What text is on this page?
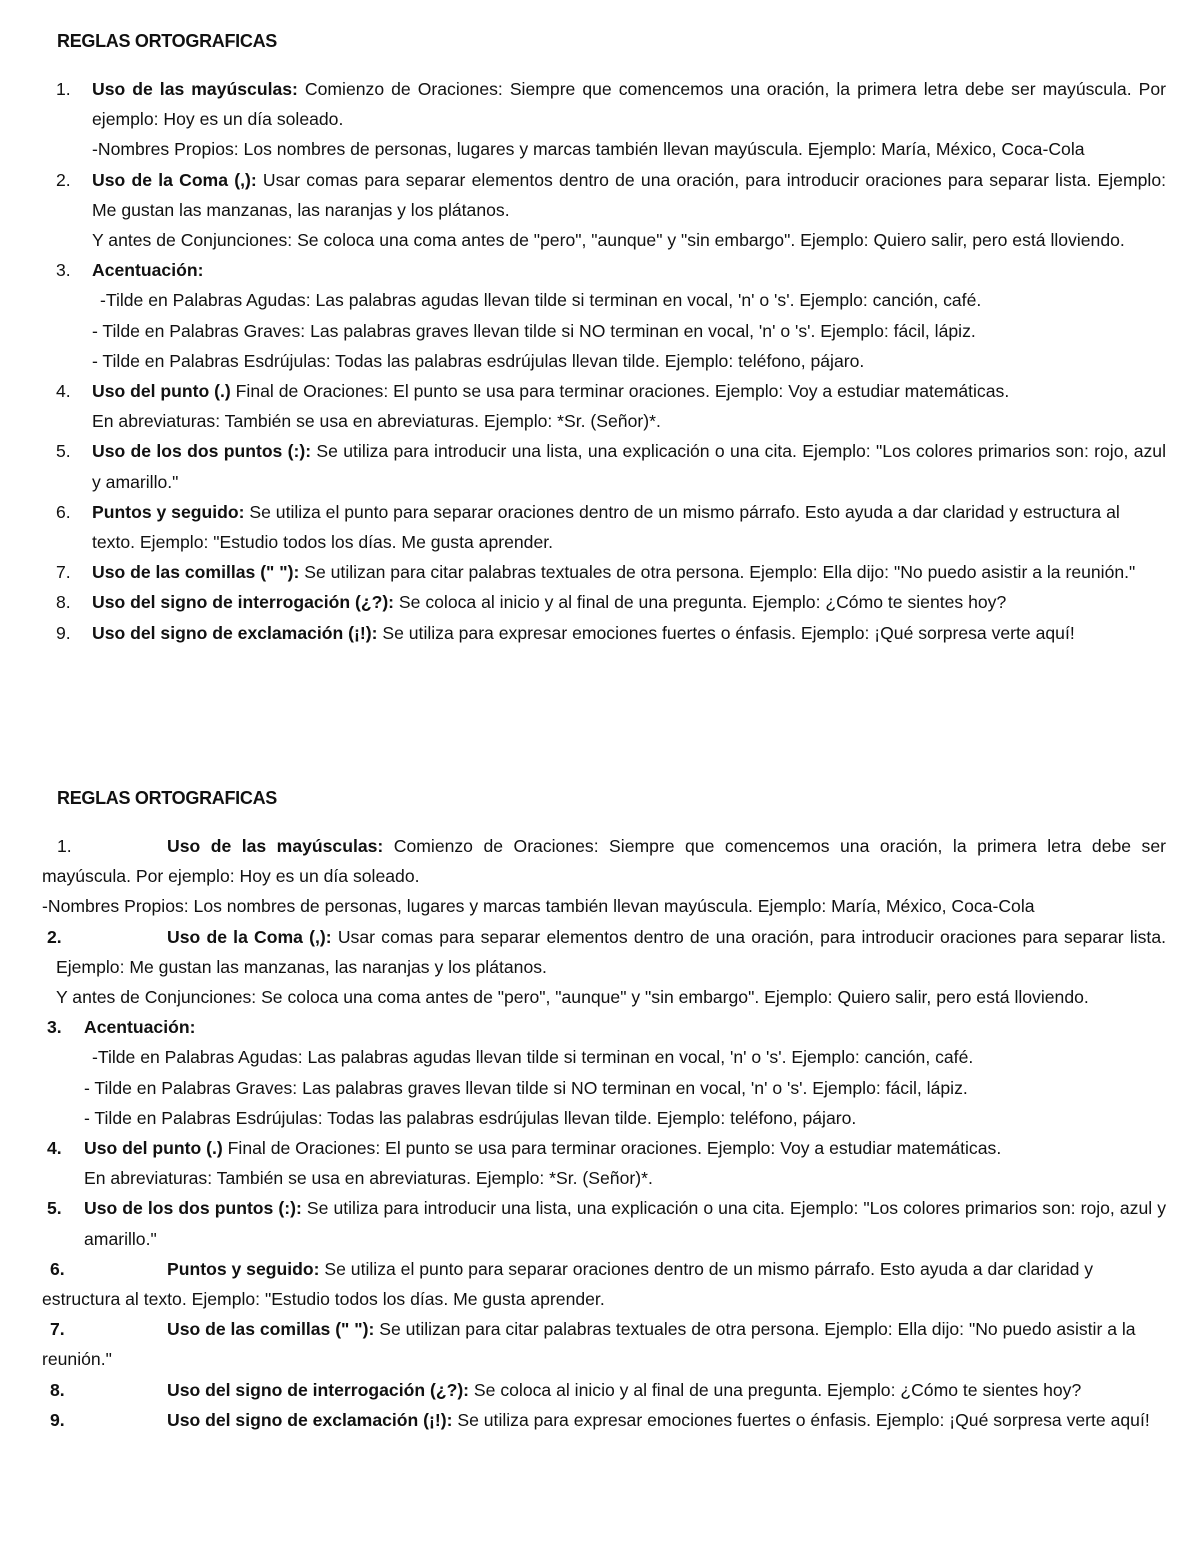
REGLAS ORTOGRAFICAS
1. Uso de las mayúsculas: Comienzo de Oraciones: Siempre que comencemos una oración, la primera letra debe ser mayúscula. Por ejemplo: Hoy es un día soleado.
-Nombres Propios: Los nombres de personas, lugares y marcas también llevan mayúscula. Ejemplo: María, México, Coca-Cola
2. Uso de la Coma (,): Usar comas para separar elementos dentro de una oración, para introducir oraciones para separar lista. Ejemplo: Me gustan las manzanas, las naranjas y los plátanos.
Y antes de Conjunciones: Se coloca una coma antes de "pero", "aunque" y "sin embargo". Ejemplo: Quiero salir, pero está lloviendo.
3. Acentuación:
-Tilde en Palabras Agudas: Las palabras agudas llevan tilde si terminan en vocal, 'n' o 's'. Ejemplo: canción, café.
- Tilde en Palabras Graves: Las palabras graves llevan tilde si NO terminan en vocal, 'n' o 's'. Ejemplo: fácil, lápiz.
- Tilde en Palabras Esdrújulas: Todas las palabras esdrújulas llevan tilde. Ejemplo: teléfono, pájaro.
4. Uso del punto (.) Final de Oraciones: El punto se usa para terminar oraciones. Ejemplo: Voy a estudiar matemáticas.
En abreviaturas: También se usa en abreviaturas. Ejemplo: *Sr. (Señor)*.
5. Uso de los dos puntos (:): Se utiliza para introducir una lista, una explicación o una cita. Ejemplo: "Los colores primarios son: rojo, azul y amarillo."
6. Puntos y seguido: Se utiliza el punto para separar oraciones dentro de un mismo párrafo. Esto ayuda a dar claridad y estructura al texto. Ejemplo: "Estudio todos los días. Me gusta aprender.
7. Uso de las comillas (" "): Se utilizan para citar palabras textuales de otra persona. Ejemplo: Ella dijo: "No puedo asistir a la reunión."
8. Uso del signo de interrogación (¿?): Se coloca al inicio y al final de una pregunta. Ejemplo: ¿Cómo te sientes hoy?
9. Uso del signo de exclamación (¡!): Se utiliza para expresar emociones fuertes o énfasis. Ejemplo: ¡Qué sorpresa verte aquí!
REGLAS ORTOGRAFICAS
1.	Uso de las mayúsculas: Comienzo de Oraciones: Siempre que comencemos una oración, la primera letra debe ser mayúscula. Por ejemplo: Hoy es un día soleado.
-Nombres Propios: Los nombres de personas, lugares y marcas también llevan mayúscula. Ejemplo: María, México, Coca-Cola
2.	Uso de la Coma (,): Usar comas para separar elementos dentro de una oración, para introducir oraciones para separar lista. Ejemplo: Me gustan las manzanas, las naranjas y los plátanos.
Y antes de Conjunciones: Se coloca una coma antes de "pero", "aunque" y "sin embargo". Ejemplo: Quiero salir, pero está lloviendo.
3. Acentuación:
-Tilde en Palabras Agudas: Las palabras agudas llevan tilde si terminan en vocal, 'n' o 's'. Ejemplo: canción, café.
- Tilde en Palabras Graves: Las palabras graves llevan tilde si NO terminan en vocal, 'n' o 's'. Ejemplo: fácil, lápiz.
- Tilde en Palabras Esdrújulas: Todas las palabras esdrújulas llevan tilde. Ejemplo: teléfono, pájaro.
4. Uso del punto (.) Final de Oraciones: El punto se usa para terminar oraciones. Ejemplo: Voy a estudiar matemáticas.
En abreviaturas: También se usa en abreviaturas. Ejemplo: *Sr. (Señor)*.
5. Uso de los dos puntos (:): Se utiliza para introducir una lista, una explicación o una cita. Ejemplo: "Los colores primarios son: rojo, azul y amarillo."
6.	Puntos y seguido: Se utiliza el punto para separar oraciones dentro de un mismo párrafo. Esto ayuda a dar claridad y estructura al texto. Ejemplo: "Estudio todos los días. Me gusta aprender.
7.	Uso de las comillas (" "): Se utilizan para citar palabras textuales de otra persona. Ejemplo: Ella dijo: "No puedo asistir a la reunión."
8.	Uso del signo de interrogación (¿?): Se coloca al inicio y al final de una pregunta. Ejemplo: ¿Cómo te sientes hoy?
9.	Uso del signo de exclamación (¡!): Se utiliza para expresar emociones fuertes o énfasis. Ejemplo: ¡Qué sorpresa verte aquí!
